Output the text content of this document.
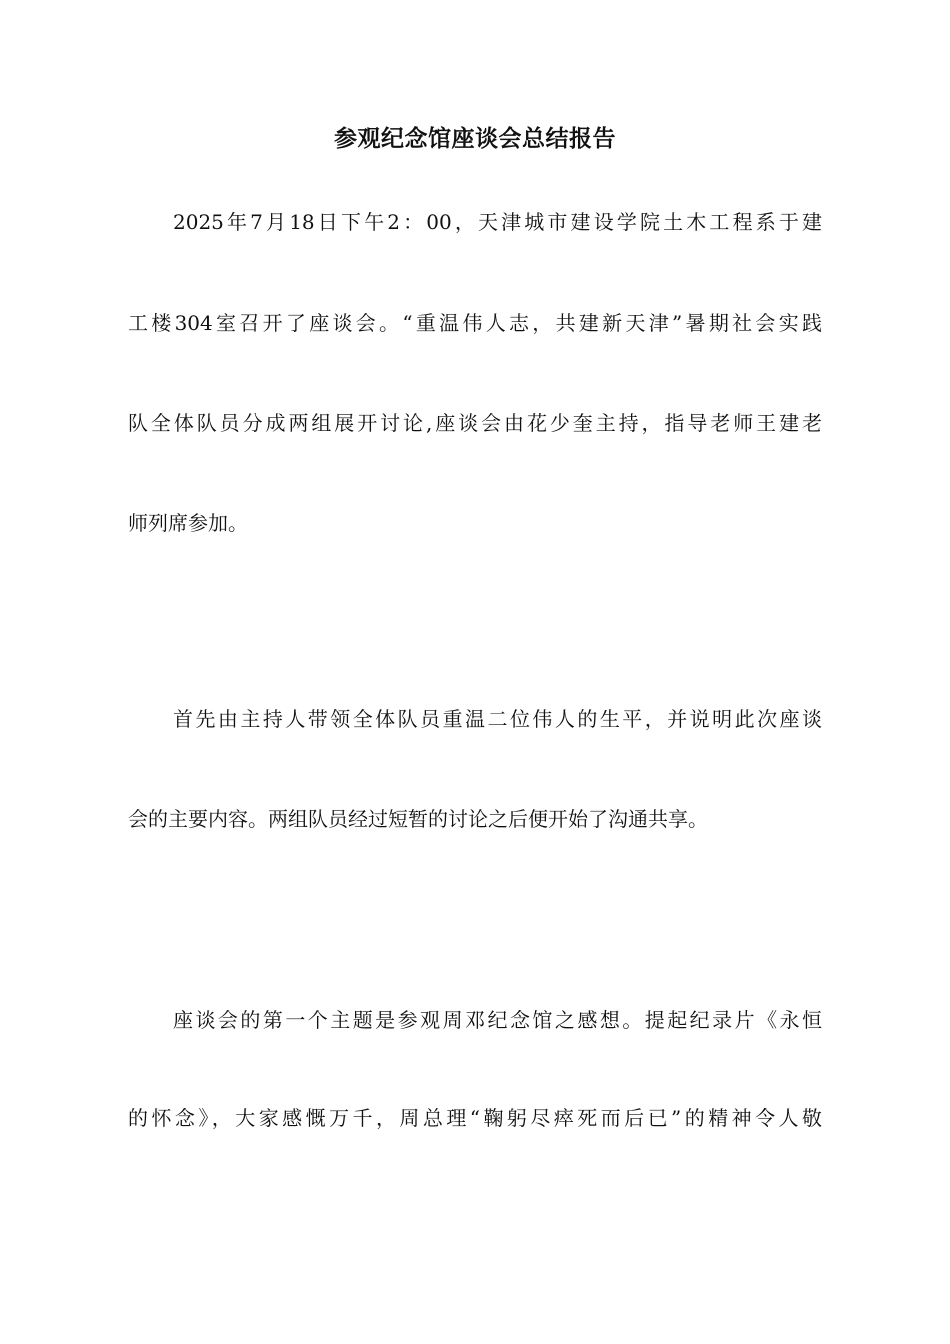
参观纪念馆座谈会总结报告
2025年7月18日下午2：00，天津城市建设学院土木工程系于建
工楼304室召开了座谈会。“重温伟人志，共建新天津”暑期社会实践
队全体队员分成两组展开讨论,座谈会由花少奎主持，指导老师王建老
师列席参加。
首先由主持人带领全体队员重温二位伟人的生平，并说明此次座谈
会的主要内容。两组队员经过短暂的讨论之后便开始了沟通共享。
座谈会的第一个主题是参观周邓纪念馆之感想。提起纪录片《永恒
的怀念》，大家感慨万千，周总理“鞠躬尽瘁死而后已”的精神令人敬
